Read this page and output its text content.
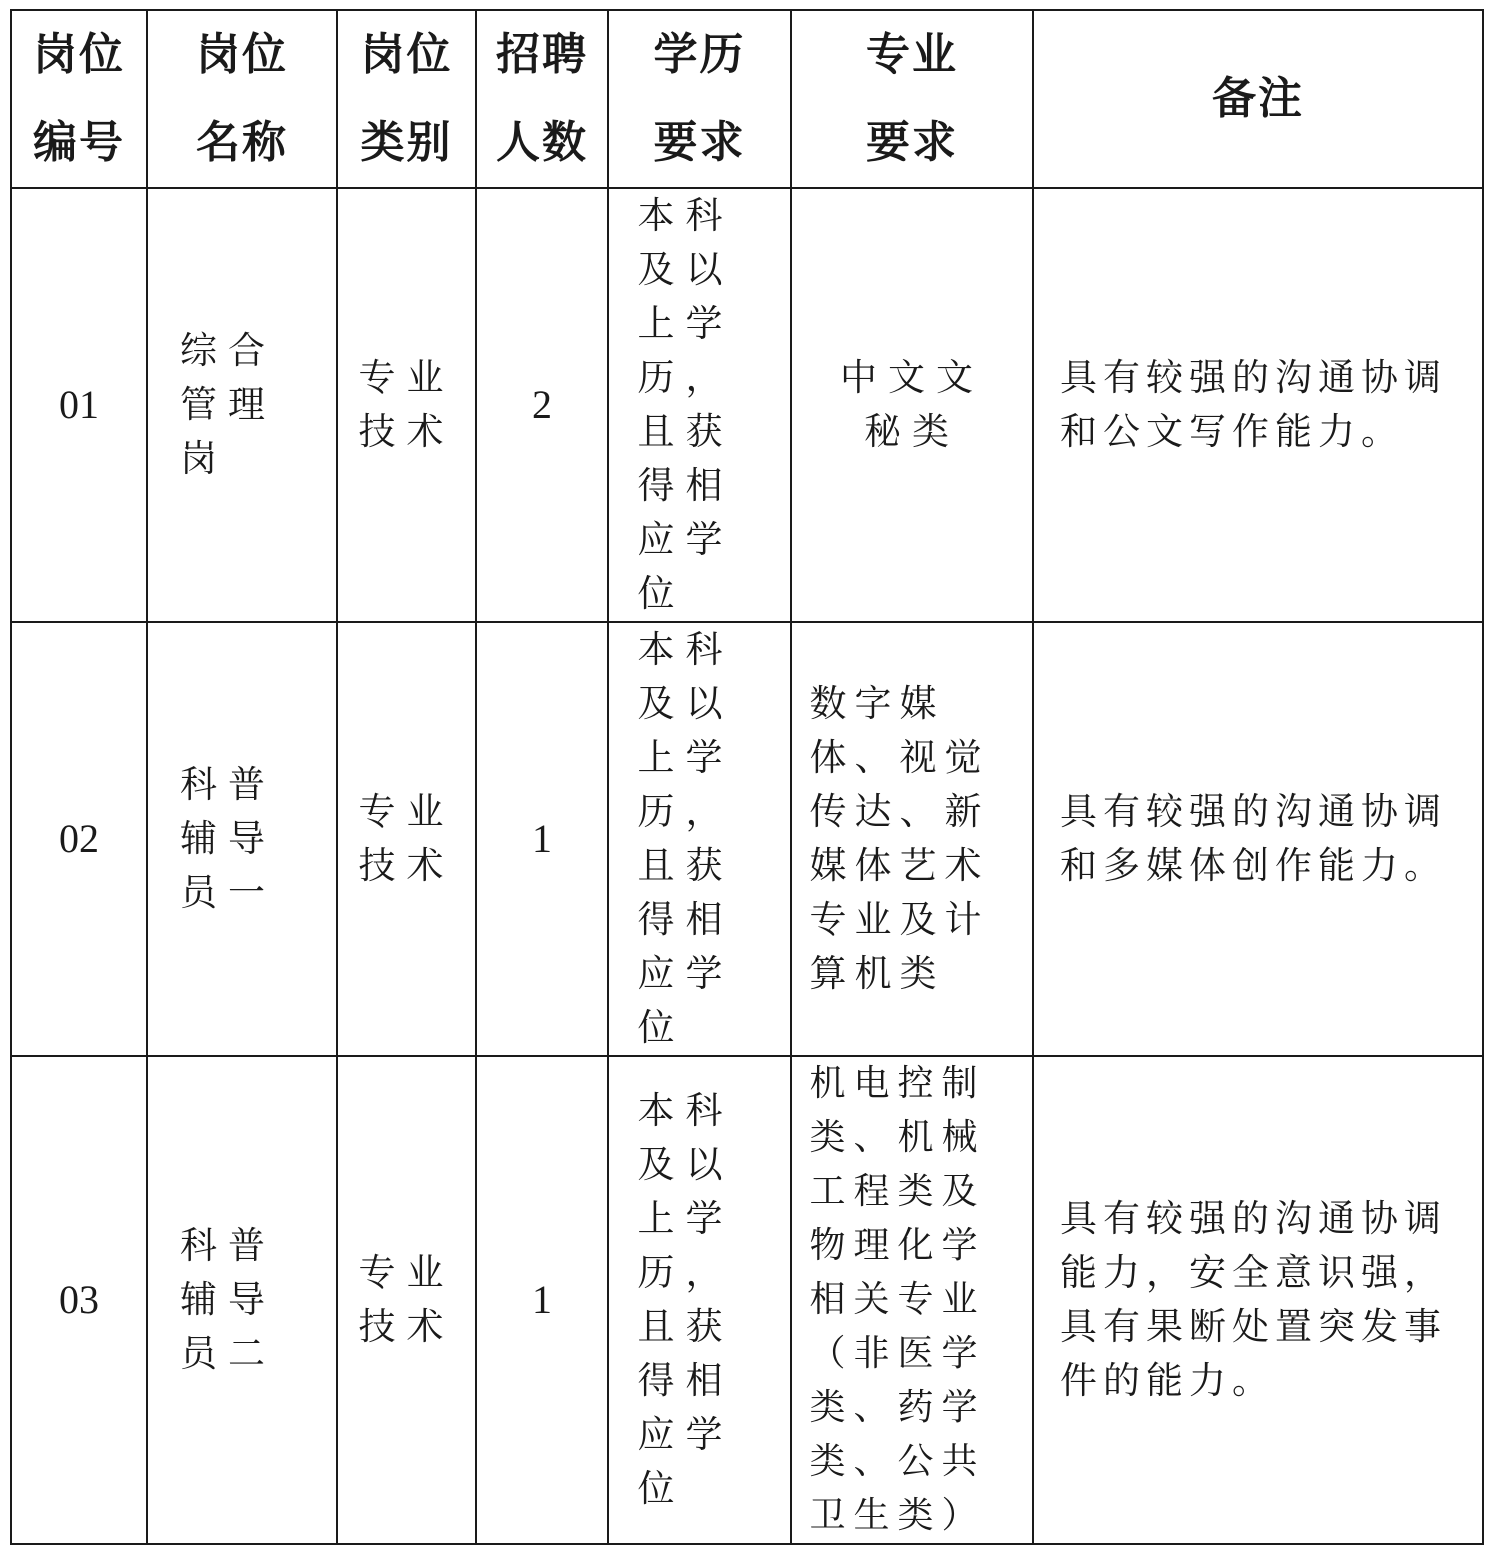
岗位编号	岗位名称	岗位类别	招聘人数	学历要求	专业要求	备注
01	综合管理岗	专业技术	2	本科及以上学历，且获得相应学位	中文文秘类	具有较强的沟通协调和公文写作能力。
02	科普辅导员一	专业技术	1	本科及以上学历，且获得相应学位	数字媒体、视觉传达、新媒体艺术专业及计算机类	具有较强的沟通协调和多媒体创作能力。
03	科普辅导员二	专业技术	1	本科及以上学历，且获得相应学位	机电控制类、机械工程类及物理化学相关专业（非医学类、药学类、公共卫生类）	具有较强的沟通协调能力，安全意识强，具有果断处置突发事件的能力。
